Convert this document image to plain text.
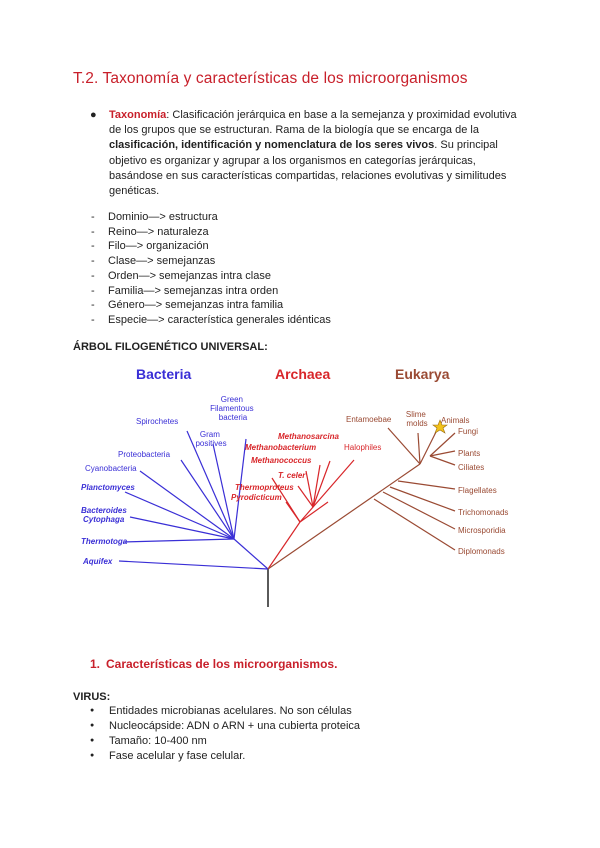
T.2. Taxonomía y características de los microorganismos
● Taxonomía: Clasificación jerárquica en base a la semejanza y proximidad evolutiva de los grupos que se estructuran. Rama de la biología que se encarga de la clasificación, identificación y nomenclatura de los seres vivos. Su principal objetivo es organizar y agrupar a los organismos en categorías jerárquicas, basándose en sus características compartidas, relaciones evolutivas y similitudes genéticas.
- Dominio—> estructura
- Reino—> naturaleza
- Filo—> organización
- Clase—> semejanzas
- Orden—> semejanzas intra clase
- Familia—> semejanzas intra orden
- Género—> semejanzas intra familia
- Especie—> característica generales idénticas
ÁRBOL FILOGENÉTICO UNIVERSAL:
Bacteria	Archaea	Eukarya
Green Filamentous bacteria
Spirochetes
Gram positives
Proteobacteria
Cyanobacteria
Planctomyces
Bacteroides Cytophaga
Thermotoga
Aquifex
Methanosarcina
Methanobacterium
Methanococcus
T. celer
Thermoproteus
Pyrodicticum
Halophiles
Entamoebae
Slime molds Animals
Fungi
Plants
Ciliates
Flagellates
Trichomonads
Microsporidia
Diplomonads
1. Características de los microorganismos.
VIRUS:
● Entidades microbianas acelulares. No son células
● Nucleocápside: ADN o ARN + una cubierta proteica
● Tamaño: 10-400 nm
● Fase acelular y fase celular.
